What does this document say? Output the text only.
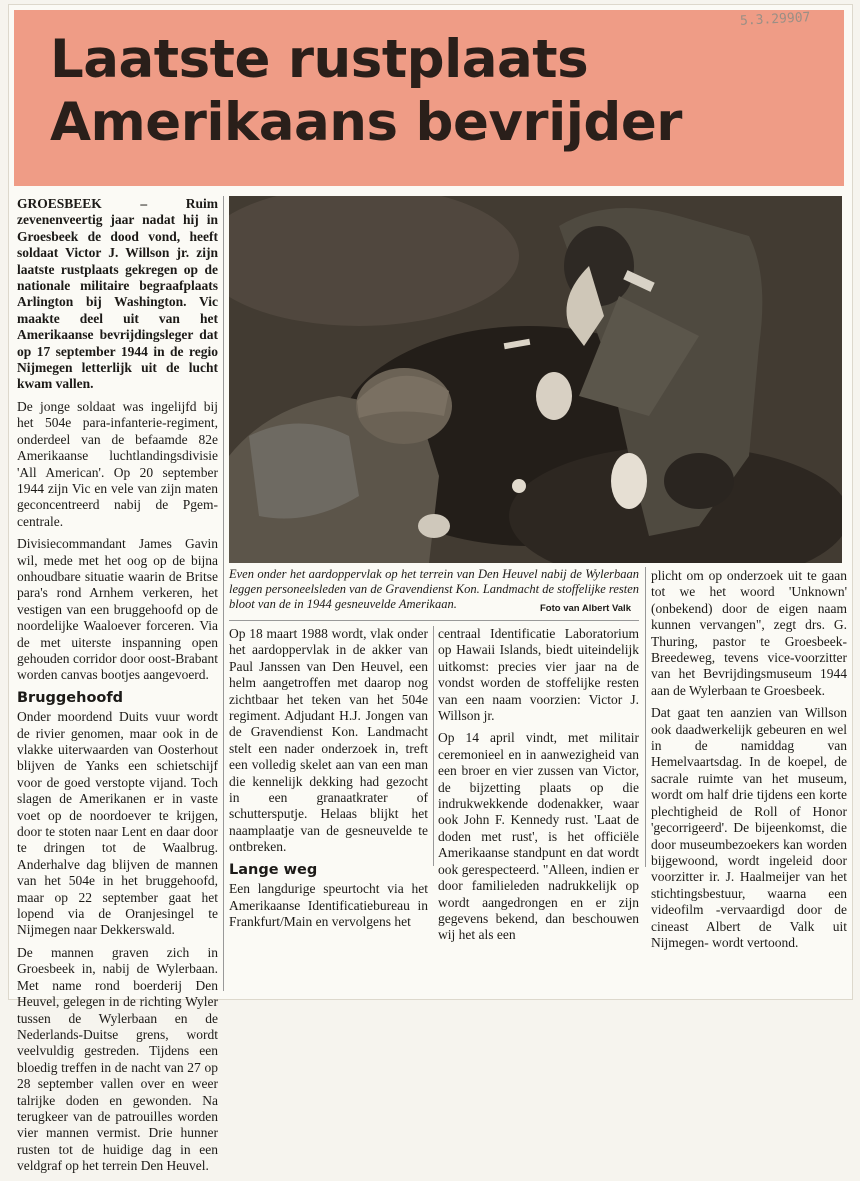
Laatste rustplaats
Amerikaans bevrijder
5.3.29907

GROESBEEK – Ruim zevenenveertig jaar nadat hij in Groesbeek de dood vond, heeft soldaat Victor J. Willson jr. zijn laatste rustplaats gekregen op de nationale militaire begraafplaats Arlington bij Washington. Vic maakte deel uit van het Amerikaanse bevrijdingsleger dat op 17 september 1944 in de regio Nijmegen letterlijk uit de lucht kwam vallen.

De jonge soldaat was ingelijfd bij het 504e para-infanterie-regiment, onderdeel van de befaamde 82e Amerikaanse luchtlandingsdivisie 'All American'. Op 20 september 1944 zijn Vic en vele van zijn maten geconcentreerd nabij de Pgem-centrale.

Divisiecommandant James Gavin wil, mede met het oog op de bijna onhoudbare situatie waarin de Britse para's rond Arnhem verkeren, het vestigen van een bruggehoofd op de noordelijke Waaloever forceren. Via de met uiterste inspanning open gehouden corridor door oost-Brabant worden canvas bootjes aangevoerd.

Bruggehoofd

Onder moordend Duits vuur wordt de rivier genomen, maar ook in de vlakke uiterwaarden van Oosterhout blijven de Yanks een schietschijf voor de goed verstopte vijand. Toch slagen de Amerikanen er in vaste voet op de noordoever te krijgen, door te stoten naar Lent en daar door te dringen tot de Waalbrug. Anderhalve dag blijven de mannen van het 504e in het bruggehoofd, maar op 22 september gaat het lopend via de Oranjesingel te Nijmegen naar Dekkerswald.

De mannen graven zich in Groesbeek in, nabij de Wylerbaan. Met name rond boerderij Den Heuvel, gelegen in de richting Wyler tussen de Wylerbaan en de Nederlands-Duitse grens, wordt veelvuldig gestreden. Tijdens een bloedig treffen in de nacht van 27 op 28 september vallen over en weer talrijke doden en gewonden. Na terugkeer van de patrouilles worden vier mannen vermist. Drie hunner rusten tot de huidige dag in een veldgraf op het terrein Den Heuvel.

Even onder het aardoppervlak op het terrein van Den Heuvel nabij de Wylerbaan leggen personeelsleden van de Gravendienst Kon. Landmacht de stoffelijke resten bloot van de in 1944 gesneuvelde Amerikaan.	Foto van Albert Valk

Op 18 maart 1988 wordt, vlak onder het aardoppervlak in de akker van Paul Janssen van Den Heuvel, een helm aangetroffen met daarop nog zichtbaar het teken van het 504e regiment. Adjudant H.J. Jongen van de Gravendienst Kon. Landmacht stelt een nader onderzoek in, treft een volledig skelet aan van een man die kennelijk dekking had gezocht in een granaatkrater of schuttersputje. Helaas blijkt het naamplaatje van de gesneuvelde te ontbreken.

Lange weg

Een langdurige speurtocht via het Amerikaanse Identificatiebureau in Frankfurt/Main en vervolgens het

centraal Identificatie Laboratorium op Hawaii Islands, biedt uiteindelijk uitkomst: precies vier jaar na de vondst worden de stoffelijke resten van een naam voorzien: Victor J. Willson jr.

Op 14 april vindt, met militair ceremonieel en in aanwezigheid van een broer en vier zussen van Victor, de bijzetting plaats op die indrukwekkende dodenakker, waar ook John F. Kennedy rust. 'Laat de doden met rust', is het officiële Amerikaanse standpunt en dat wordt ook gerespecteerd. "Alleen, indien er door familieleden nadrukkelijk op wordt aangedrongen en er zijn gegevens bekend, dan beschouwen wij het als een

plicht om op onderzoek uit te gaan tot we het woord 'Unknown' (onbekend) door de eigen naam kunnen vervangen", zegt drs. G. Thuring, pastor te Groesbeek-Breedeweg, tevens vice-voorzitter van het Bevrijdingsmuseum 1944 aan de Wylerbaan te Groesbeek.

Dat gaat ten aanzien van Willson ook daadwerkelijk gebeuren en wel in de namiddag van Hemelvaartsdag. In de koepel, de sacrale ruimte van het museum, wordt om half drie tijdens een korte plechtigheid de Roll of Honor 'gecorrigeerd'. De bijeenkomst, die door museumbezoekers kan worden bijgewoond, wordt ingeleid door voorzitter ir. J. Haalmeijer van het stichtingsbestuur, waarna een videofilm -vervaardigd door de cineast Albert de Valk uit Nijmegen- wordt vertoond.
